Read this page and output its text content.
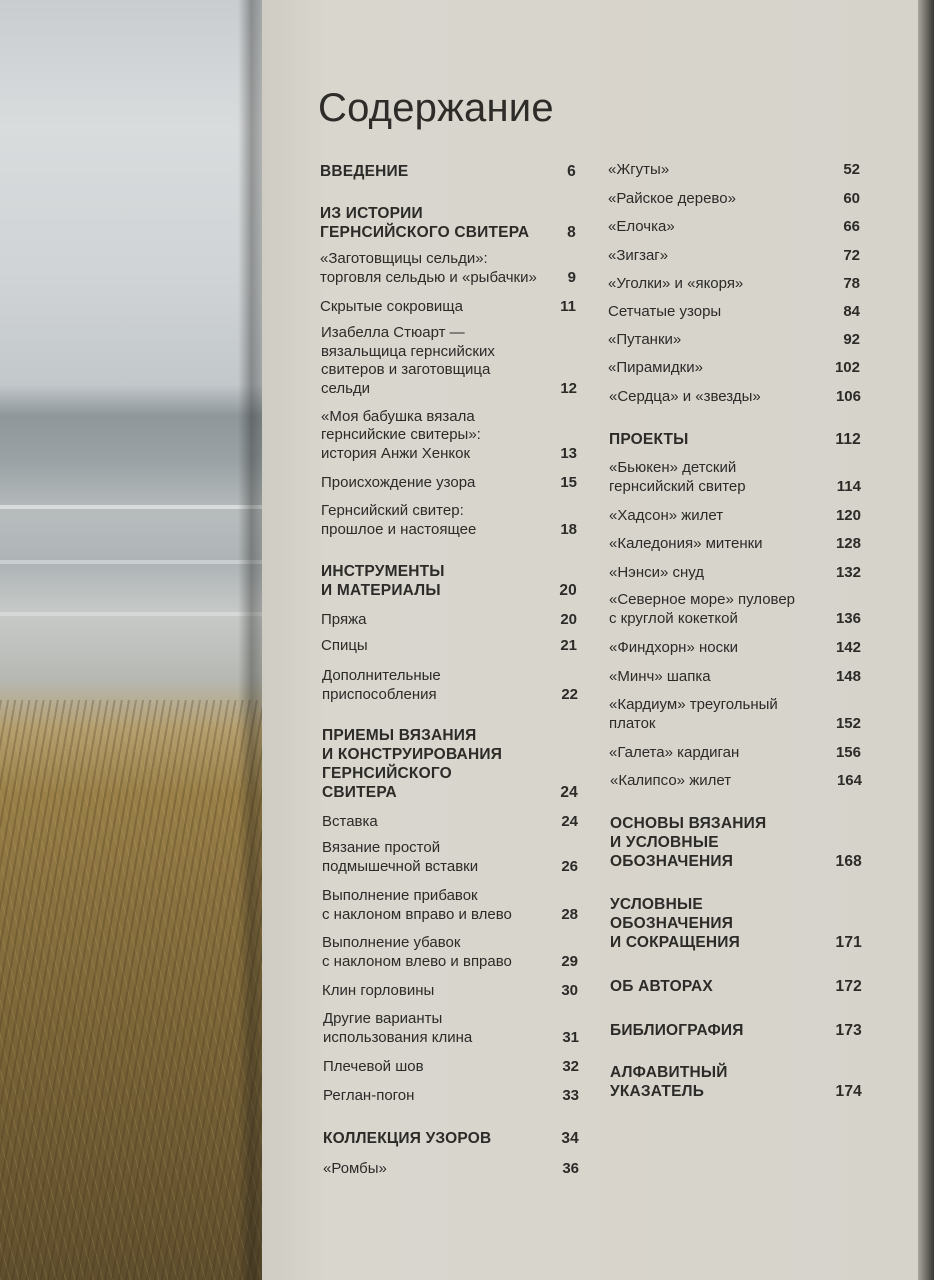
Содержание
ВВЕДЕНИЕ	6
ИЗ ИСТОРИИ
ГЕРНСИЙСКОГО СВИТЕРА	8
«Заготовщицы сельди»:
торговля сельдью и «рыбачки»	9
Скрытые сокровища	11
Изабелла Стюарт —
вязальщица гернсийских
свитеров и заготовщица
сельди	12
«Моя бабушка вязала
гернсийские свитеры»:
история Анжи Хенкок	13
Происхождение узора	15
Гернсийский свитер:
прошлое и настоящее	18
ИНСТРУМЕНТЫ
И МАТЕРИАЛЫ	20
Пряжа	20
Спицы	21
Дополнительные
приспособления	22
ПРИЕМЫ ВЯЗАНИЯ
И КОНСТРУИРОВАНИЯ
ГЕРНСИЙСКОГО
СВИТЕРА	24
Вставка	24
Вязание простой
подмышечной вставки	26
Выполнение прибавок
с наклоном вправо и влево	28
Выполнение убавок
с наклоном влево и вправо	29
Клин горловины	30
Другие варианты
использования клина	31
Плечевой шов	32
Реглан-погон	33
КОЛЛЕКЦИЯ УЗОРОВ	34
«Ромбы»	36
«Жгуты»	52
«Райское дерево»	60
«Елочка»	66
«Зигзаг»	72
«Уголки» и «якоря»	78
Сетчатые узоры	84
«Путанки»	92
«Пирамидки»	102
«Сердца» и «звезды»	106
ПРОЕКТЫ	112
«Бьюкен» детский
гернсийский свитер	114
«Хадсон» жилет	120
«Каледония» митенки	128
«Нэнси» снуд	132
«Северное море» пуловер
с круглой кокеткой	136
«Финдхорн» носки	142
«Минч» шапка	148
«Кардиум» треугольный
платок	152
«Галета» кардиган	156
«Калипсо» жилет	164
ОСНОВЫ ВЯЗАНИЯ
И УСЛОВНЫЕ
ОБОЗНАЧЕНИЯ	168
УСЛОВНЫЕ
ОБОЗНАЧЕНИЯ
И СОКРАЩЕНИЯ	171
ОБ АВТОРАХ	172
БИБЛИОГРАФИЯ	173
АЛФАВИТНЫЙ
УКАЗАТЕЛЬ	174
